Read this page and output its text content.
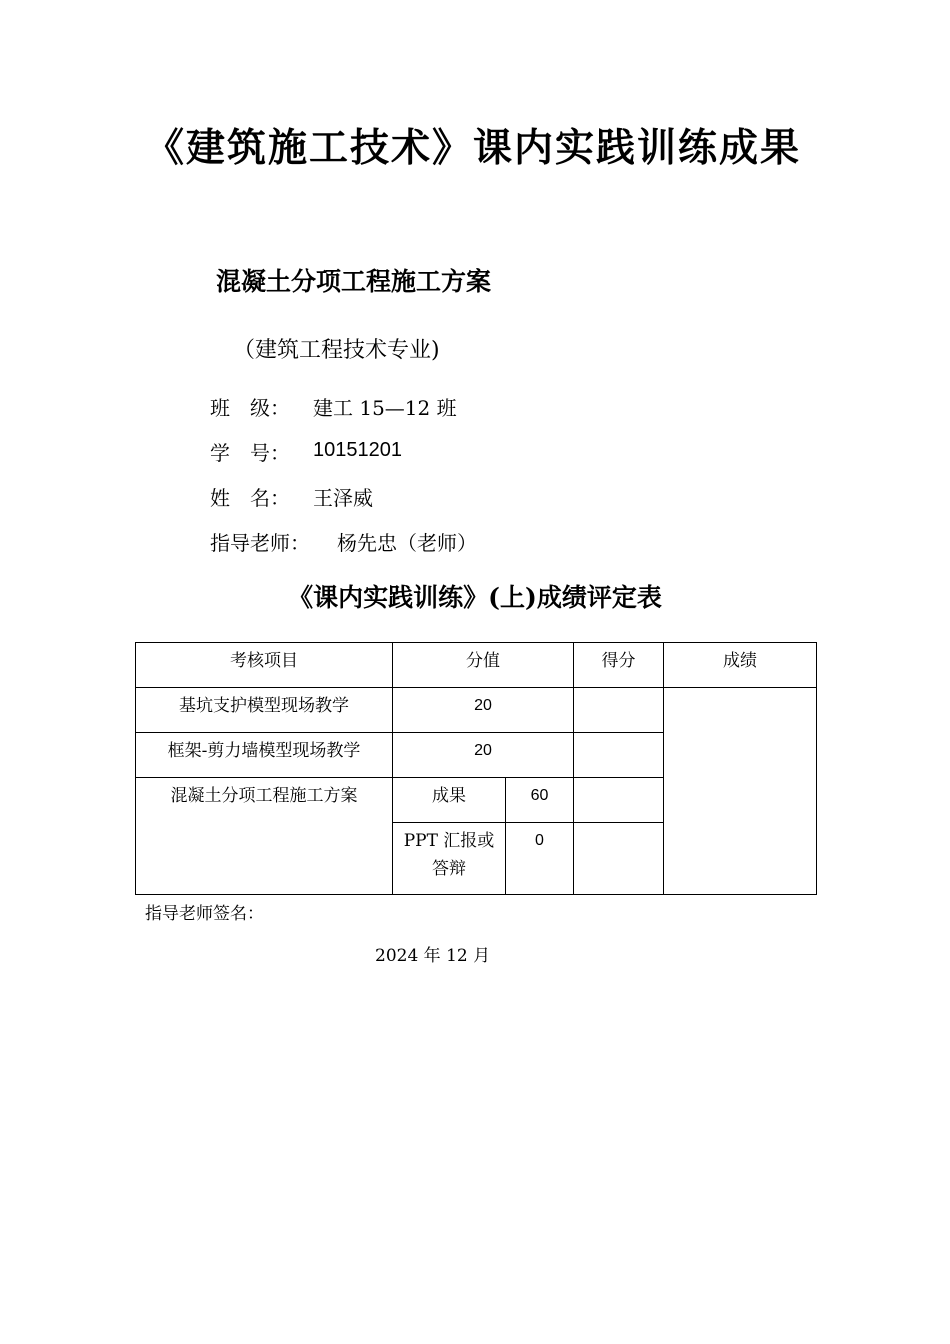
《建筑施工技术》课内实践训练成果
混凝土分项工程施工方案
（建筑工程技术专业)
班　级： 建工 15—12 班
学　号： 10151201
姓　名： 王泽威
指导老师： 杨先忠（老师）
《课内实践训练》(上)成绩评定表
考核项目	分值		得分	成绩
基坑支护模型现场教学	20			
框架-剪力墙模型现场教学	20			
混凝土分项工程施工方案	成果	60		
	PPT 汇报或答辩	0		
指导老师签名：
2024 年 12 月
